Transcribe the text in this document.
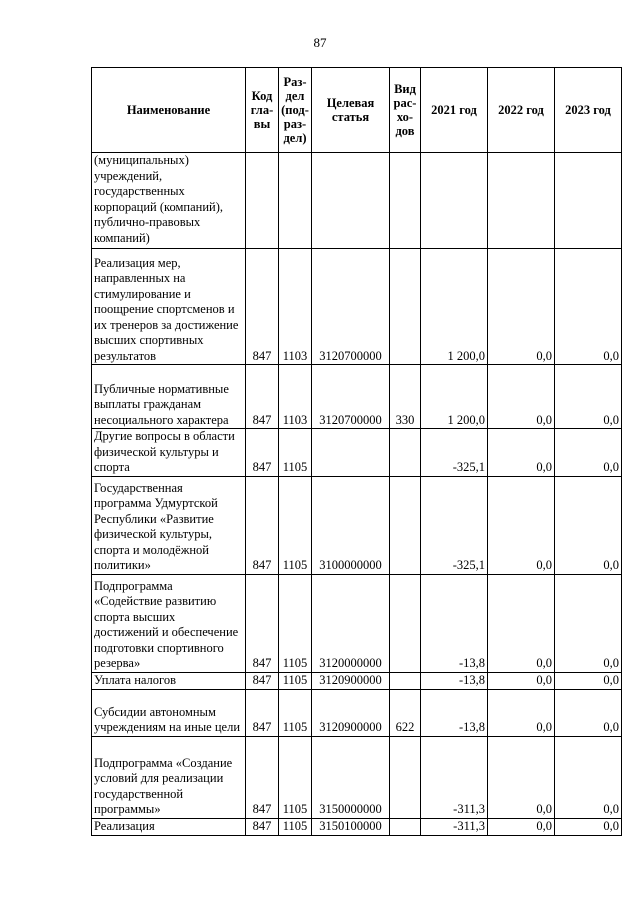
87
Наименование	Код гла- вы	Раз- дел (под- раз- дел)	Целевая статья	Вид рас- хо- дов	2021 год	2022 год	2023 год
(муниципальных) учреждений, государственных корпораций (компаний), публично-правовых компаний)							
Реализация мер, направленных на стимулирование и поощрение спортсменов и их тренеров за достижение высших спортивных результатов	847	1103	3120700000		1 200,0	0,0	0,0
Публичные нормативные выплаты гражданам несоциального характера	847	1103	3120700000	330	1 200,0	0,0	0,0
Другие вопросы в области физической культуры и спорта	847	1105			-325,1	0,0	0,0
Государственная программа Удмуртской Республики «Развитие физической культуры, спорта и молодёжной политики»	847	1105	3100000000		-325,1	0,0	0,0
Подпрограмма «Содействие развитию спорта высших достижений и обеспечение подготовки спортивного резерва»	847	1105	3120000000		-13,8	0,0	0,0
Уплата налогов	847	1105	3120900000		-13,8	0,0	0,0
Субсидии автономным учреждениям на иные цели	847	1105	3120900000	622	-13,8	0,0	0,0
Подпрограмма «Создание условий для реализации государственной программы»	847	1105	3150000000		-311,3	0,0	0,0
Реализация	847	1105	3150100000		-311,3	0,0	0,0
